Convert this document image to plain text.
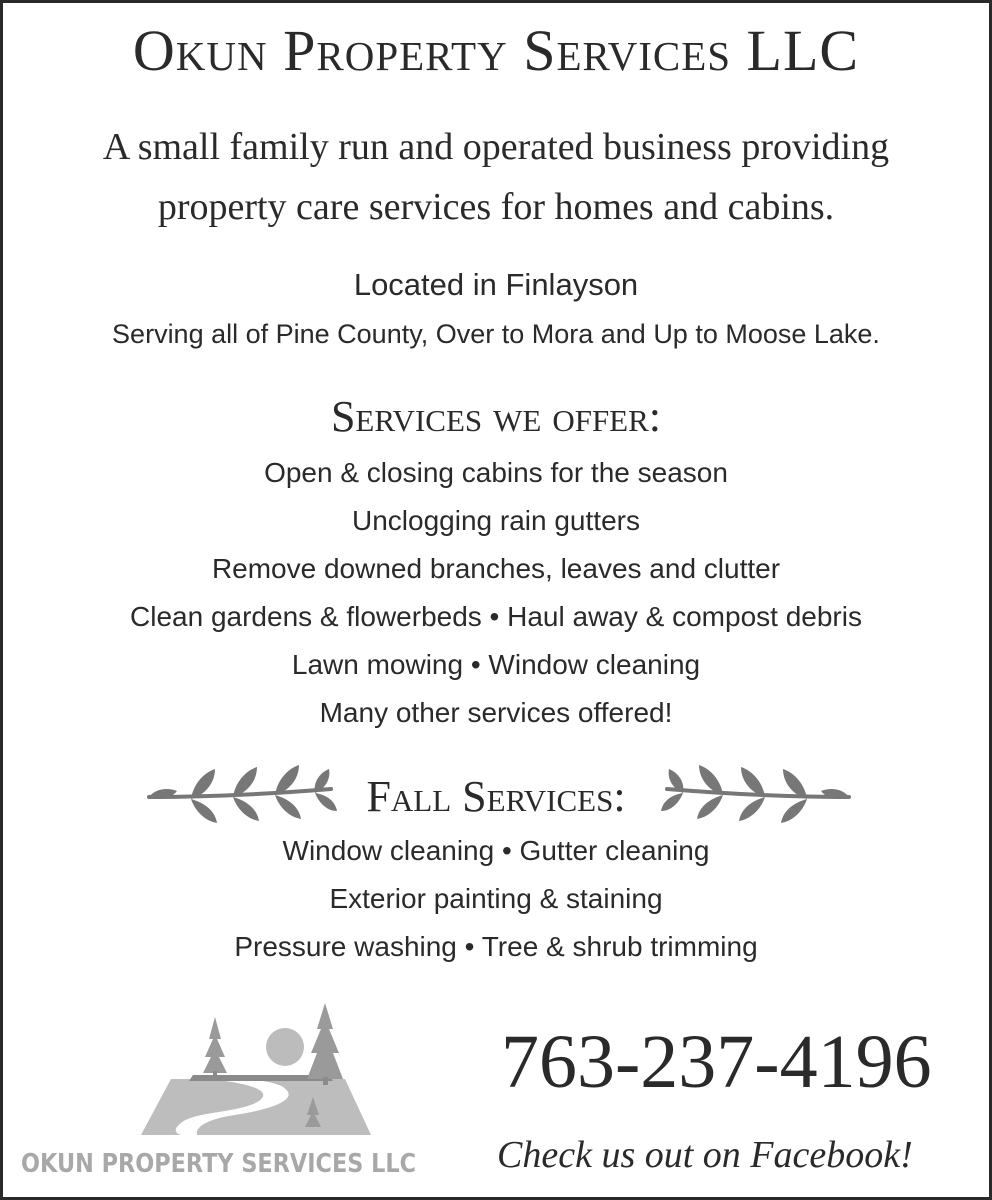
Okun Property Services LLC
A small family run and operated business providing
property care services for homes and cabins.
Located in Finlayson
Serving all of Pine County, Over to Mora and Up to Moose Lake.
Services we offer:
Open & closing cabins for the season
Unclogging rain gutters
Remove downed branches, leaves and clutter
Clean gardens & flowerbeds • Haul away & compost debris
Lawn mowing • Window cleaning
Many other services offered!
Fall Services:
Window cleaning • Gutter cleaning
Exterior painting & staining
Pressure washing • Tree & shrub trimming
OKUN PROPERTY SERVICES LLC
763-237-4196
Check us out on Facebook!
